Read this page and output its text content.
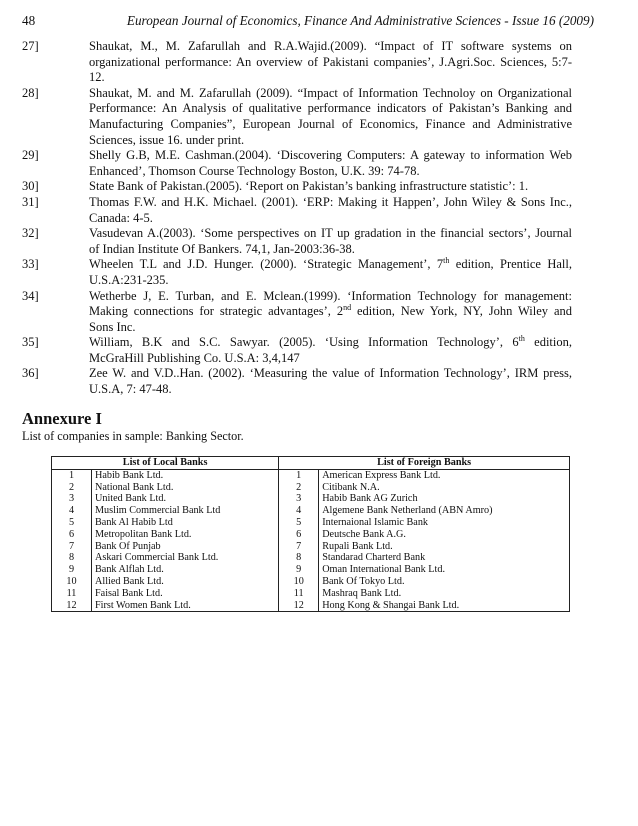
48	European Journal of Economics, Finance And Administrative Sciences - Issue 16 (2009)
27]	Shaukat, M., M. Zafarullah and R.A.Wajid.(2009). “Impact of IT software systems on
organizational performance: An overview of Pakistani companies’, J.Agri.Soc. Sciences, 5:7-
12.
28]	Shaukat, M. and M. Zafarullah (2009). “Impact of Information Technoloy on Organizational
Performance: An Analysis of qualitative performance indicators of Pakistan’s Banking and
Manufacturing Companies”, European Journal of Economics, Finance and Administrative
Sciences, issue 16. under print.
29]	Shelly G.B, M.E. Cashman.(2004). ‘Discovering Computers: A gateway to information Web
Enhanced’, Thomson Course Technology Boston, U.K. 39: 74-78.
30]	State Bank of Pakistan.(2005). ‘Report on Pakistan’s banking infrastructure statistic’: 1.
31]	Thomas F.W. and H.K. Michael. (2001). ‘ERP: Making it Happen’, John Wiley & Sons Inc.,
Canada: 4-5.
32]	Vasudevan A.(2003). ‘Some perspectives on IT up gradation in the financial sectors’, Journal
of Indian Institute Of Bankers. 74,1, Jan-2003:36-38.
33]	Wheelen T.L and J.D. Hunger. (2000). ‘Strategic Management’, 7th edition, Prentice Hall,
U.S.A:231-235.
34]	Wetherbe J, E. Turban, and E. Mclean.(1999). ‘Information Technology for management:
Making connections for strategic advantages’, 2nd edition, New York, NY, John Wiley and
Sons Inc.
35]	William, B.K and S.C. Sawyar. (2005). ‘Using Information Technology’, 6th edition,
McGraHill Publishing Co. U.S.A: 3,4,147
36]	Zee W. and V.D..Han. (2002). ‘Measuring the value of Information Technology’, IRM press,
U.S.A, 7: 47-48.
Annexure I
List of companies in sample: Banking Sector.
List of Local Banks		List of Foreign Banks	
1	Habib Bank Ltd.	1	American Express Bank Ltd.
2	National Bank Ltd.	2	Citibank N.A.
3	United Bank Ltd.	3	Habib Bank AG Zurich
4	Muslim Commercial Bank Ltd	4	Algemene Bank Netherland (ABN Amro)
5	Bank Al Habib Ltd	5	Internaional Islamic Bank
6	Metropolitan Bank Ltd.	6	Deutsche Bank A.G.
7	Bank Of Punjab	7	Rupali Bank Ltd.
8	Askari Commercial Bank Ltd.	8	Standarad Charterd Bank
9	Bank Alflah Ltd.	9	Oman International Bank Ltd.
10	Allied Bank Ltd.	10	Bank Of Tokyo Ltd.
11	Faisal Bank Ltd.	11	Mashraq Bank Ltd.
12	First Women Bank Ltd.	12	Hong Kong & Shangai Bank Ltd.
